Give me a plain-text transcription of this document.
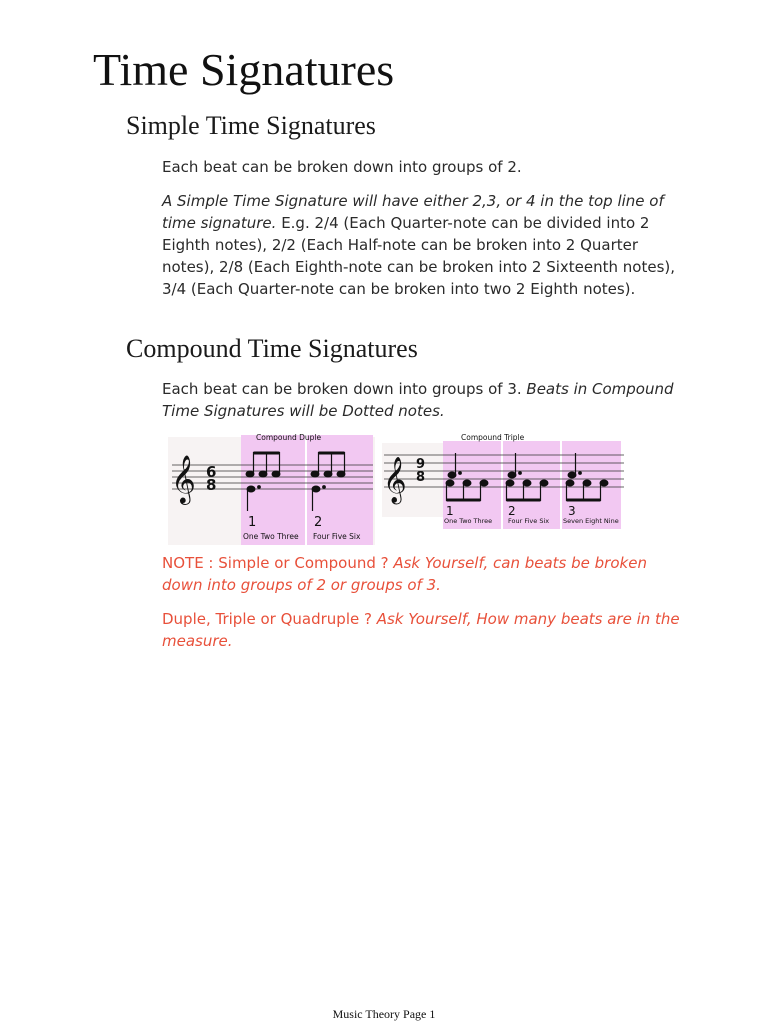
Time Signatures
Simple Time Signatures

Each beat can be broken down into groups of 2.

A Simple Time Signature will have either 2,3, or 4 in the top line of time signature. E.g. 2/4 (Each Quarter-note can be divided into 2 Eighth notes), 2/2 (Each Half-note can be broken into 2 Quarter notes), 2/8 (Each Eighth-note can be broken into 2 Sixteenth notes), 3/4 (Each Quarter-note can be broken into two 2 Eighth notes).

Compound Time Signatures

Each beat can be broken down into groups of 3. Beats in Compound Time Signatures will be Dotted notes.

Compound Duple
𝄞 6
8
1	2
One Two Three Four Five Six
Compound Triple
𝄞 9
8
1	2	3
One Two Three Four Five Six Seven Eight Nine

NOTE : Simple or Compound ? Ask Yourself, can beats be broken down into groups of 2 or groups of 3.

Duple, Triple or Quadruple ? Ask Yourself, How many beats are in the measure.

Music Theory Page 1
